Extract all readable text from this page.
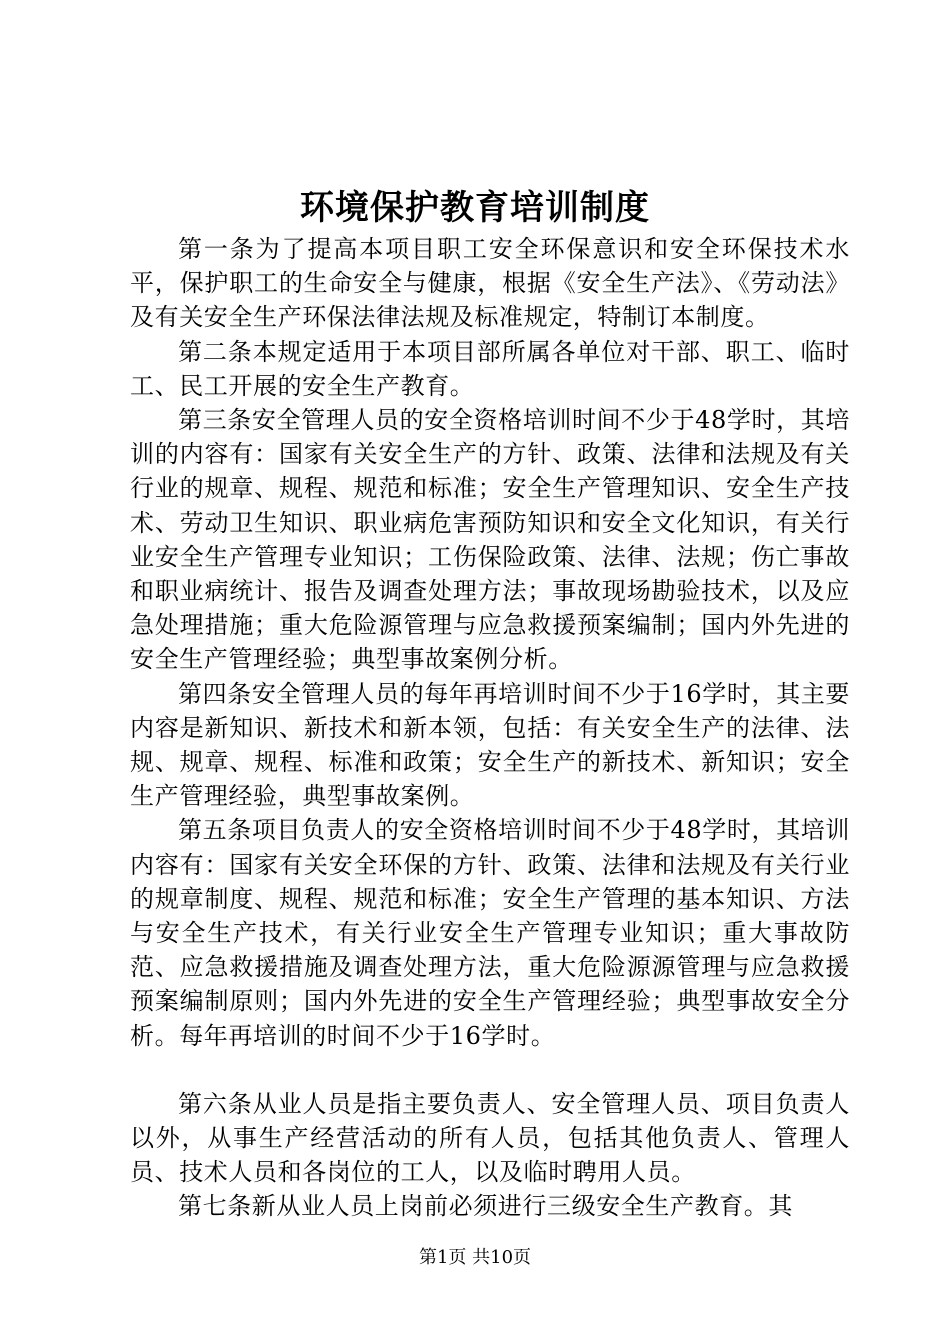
环境保护教育培训制度

第一条为了提高本项目职工安全环保意识和安全环保技术水平，保护职工的生命安全与健康，根据《安全生产法》、《劳动法》及有关安全生产环保法律法规及标准规定，特制订本制度。

第二条本规定适用于本项目部所属各单位对干部、职工、临时工、民工开展的安全生产教育。

第三条安全管理人员的安全资格培训时间不少于48学时，其培训的内容有：国家有关安全生产的方针、政策、法律和法规及有关行业的规章、规程、规范和标准；安全生产管理知识、安全生产技术、劳动卫生知识、职业病危害预防知识和安全文化知识，有关行业安全生产管理专业知识；工伤保险政策、法律、法规；伤亡事故和职业病统计、报告及调查处理方法；事故现场勘验技术，以及应急处理措施；重大危险源管理与应急救援预案编制；国内外先进的安全生产管理经验；典型事故案例分析。

第四条安全管理人员的每年再培训时间不少于16学时，其主要内容是新知识、新技术和新本领，包括：有关安全生产的法律、法规、规章、规程、标准和政策；安全生产的新技术、新知识；安全生产管理经验，典型事故案例。

第五条项目负责人的安全资格培训时间不少于48学时，其培训内容有：国家有关安全环保的方针、政策、法律和法规及有关行业的规章制度、规程、规范和标准；安全生产管理的基本知识、方法与安全生产技术，有关行业安全生产管理专业知识；重大事故防范、应急救援措施及调查处理方法，重大危险源源管理与应急救援预案编制原则；国内外先进的安全生产管理经验；典型事故安全分析。每年再培训的时间不少于16学时。

第六条从业人员是指主要负责人、安全管理人员、项目负责人以外，从事生产经营活动的所有人员，包括其他负责人、管理人员、技术人员和各岗位的工人，以及临时聘用人员。

第七条新从业人员上岗前必须进行三级安全生产教育。其

第1页 共10页
